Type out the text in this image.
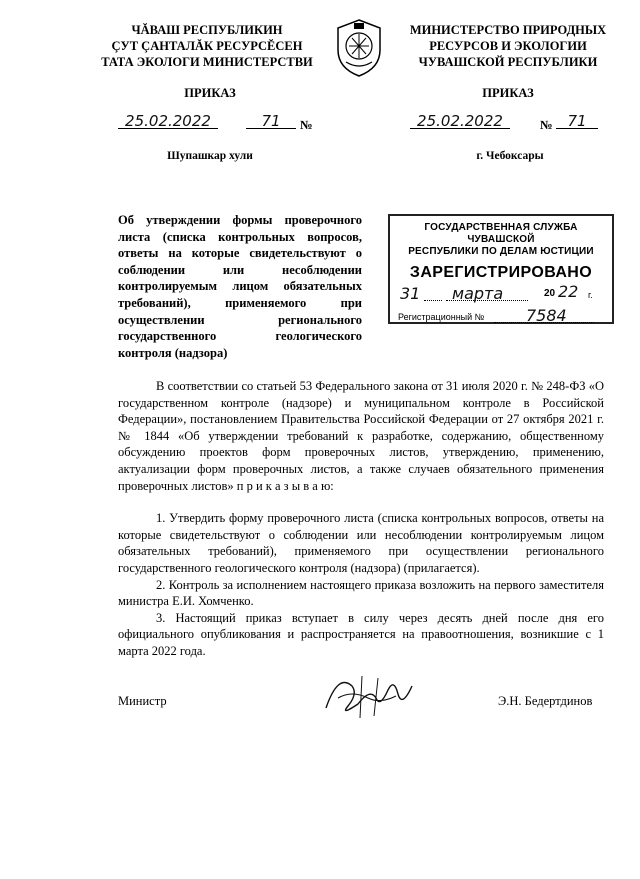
ЧĂВАШ РЕСПУБЛИКИН
ÇУТ ÇАНТАЛĂК РЕСУРСĔСЕН
ТАТА ЭКОЛОГИ МИНИСТЕРСТВИ
МИНИСТЕРСТВО ПРИРОДНЫХ
РЕСУРСОВ И ЭКОЛОГИИ
ЧУВАШСКОЙ РЕСПУБЛИКИ
ПРИКАЗ	ПРИКАЗ
25.02.2022	71	№	25.02.2022	№ 71
Шупашкар хули	г. Чебоксары
Об утверждении формы проверочного листа (списка контрольных вопросов, ответы на которые свидетельствуют о соблюдении или несоблюдении контролируемым лицом обязательных требований), применяемого при осуществлении регионального государственного геологического контроля (надзора)
ГОСУДАРСТВЕННАЯ СЛУЖБА ЧУВАШСКОЙ
РЕСПУБЛИКИ ПО ДЕЛАМ ЮСТИЦИИ
ЗАРЕГИСТРИРОВАНО
31 марта	20 22 г.
Регистрационный №	7584

В соответствии со статьей 53 Федерального закона от 31 июля 2020 г. № 248-ФЗ «О государственном контроле (надзоре) и муниципальном контроле в Российской Федерации», постановлением Правительства Российской Федерации от 27 октября 2021 г. № 1844 «Об утверждении требований к разработке, содержанию, общественному обсуждению проектов форм проверочных листов, утверждению, применению, актуализации форм проверочных листов, а также случаев обязательного применения проверочных листов» п р и к а з ы в а ю:

1. Утвердить форму проверочного листа (списка контрольных вопросов, ответы на которые свидетельствуют о соблюдении или несоблюдении контролируемым лицом обязательных требований), применяемого при осуществлении регионального государственного геологического контроля (надзора) (прилагается).

2. Контроль за исполнением настоящего приказа возложить на первого заместителя министра Е.И. Хомченко.

3. Настоящий приказ вступает в силу через десять дней после дня его официального опубликования и распространяется на правоотношения, возникшие с 1 марта 2022 года.

Министр	Э.Н. Бедертдинов
